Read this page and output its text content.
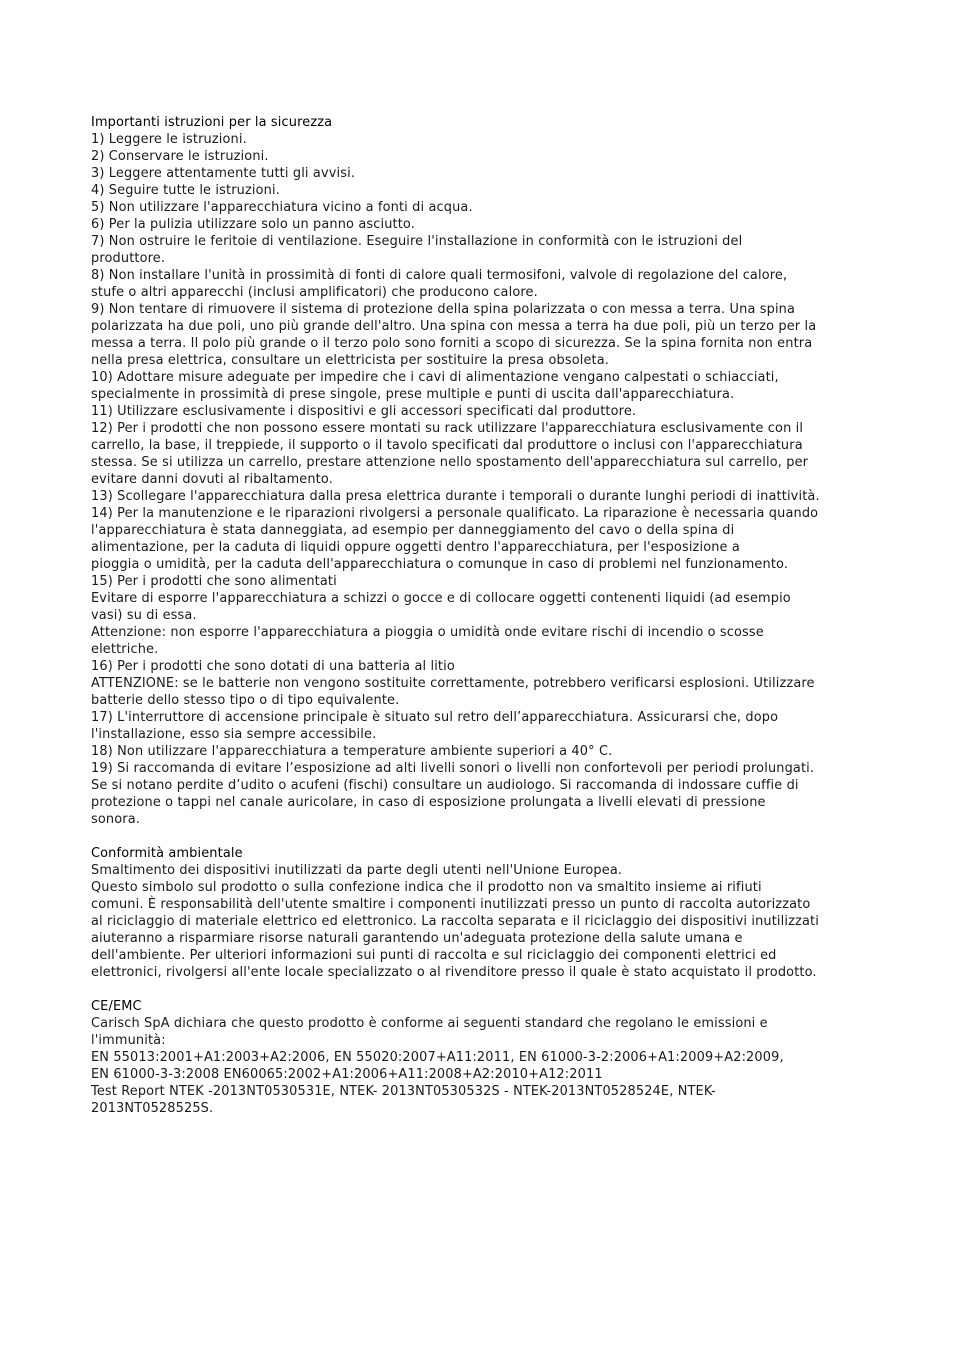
Importanti istruzioni per la sicurezza
1) Leggere le istruzioni.
2) Conservare le istruzioni.
3) Leggere attentamente tutti gli avvisi.
4) Seguire tutte le istruzioni.
5) Non utilizzare l'apparecchiatura vicino a fonti di acqua.
6) Per la pulizia utilizzare solo un panno asciutto.
7) Non ostruire le feritoie di ventilazione. Eseguire l'installazione in conformità con le istruzioni del
produttore.
8) Non installare l'unità in prossimità di fonti di calore quali termosifoni, valvole di regolazione del calore,
stufe o altri apparecchi (inclusi amplificatori) che producono calore.
9) Non tentare di rimuovere il sistema di protezione della spina polarizzata o con messa a terra. Una spina
polarizzata ha due poli, uno più grande dell'altro. Una spina con messa a terra ha due poli, più un terzo per la
messa a terra. Il polo più grande o il terzo polo sono forniti a scopo di sicurezza. Se la spina fornita non entra
nella presa elettrica, consultare un elettricista per sostituire la presa obsoleta.
10) Adottare misure adeguate per impedire che i cavi di alimentazione vengano calpestati o schiacciati,
specialmente in prossimità di prese singole, prese multiple e punti di uscita dall'apparecchiatura.
11) Utilizzare esclusivamente i dispositivi e gli accessori specificati dal produttore.
12) Per i prodotti che non possono essere montati su rack utilizzare l'apparecchiatura esclusivamente con il
carrello, la base, il treppiede, il supporto o il tavolo specificati dal produttore o inclusi con l'apparecchiatura
stessa. Se si utilizza un carrello, prestare attenzione nello spostamento dell'apparecchiatura sul carrello, per
evitare danni dovuti al ribaltamento.
13) Scollegare l'apparecchiatura dalla presa elettrica durante i temporali o durante lunghi periodi di inattività.
14) Per la manutenzione e le riparazioni rivolgersi a personale qualificato. La riparazione è necessaria quando
l'apparecchiatura è stata danneggiata, ad esempio per danneggiamento del cavo o della spina di
alimentazione, per la caduta di liquidi oppure oggetti dentro l'apparecchiatura, per l'esposizione a
pioggia o umidità, per la caduta dell'apparecchiatura o comunque in caso di problemi nel funzionamento.
15) Per i prodotti che sono alimentati
Evitare di esporre l'apparecchiatura a schizzi o gocce e di collocare oggetti contenenti liquidi (ad esempio
vasi) su di essa.
Attenzione: non esporre l'apparecchiatura a pioggia o umidità onde evitare rischi di incendio o scosse
elettriche.
16) Per i prodotti che sono dotati di una batteria al litio
ATTENZIONE: se le batterie non vengono sostituite correttamente, potrebbero verificarsi esplosioni. Utilizzare
batterie dello stesso tipo o di tipo equivalente.
17) L'interruttore di accensione principale è situato sul retro dell’apparecchiatura. Assicurarsi che, dopo
l'installazione, esso sia sempre accessibile.
18) Non utilizzare l'apparecchiatura a temperature ambiente superiori a 40° C.
19) Si raccomanda di evitare l’esposizione ad alti livelli sonori o livelli non confortevoli per periodi prolungati.
Se si notano perdite d’udito o acufeni (fischi) consultare un audiologo. Si raccomanda di indossare cuffie di
protezione o tappi nel canale auricolare, in caso di esposizione prolungata a livelli elevati di pressione
sonora.
Conformità ambientale
Smaltimento dei dispositivi inutilizzati da parte degli utenti nell'Unione Europea.
Questo simbolo sul prodotto o sulla confezione indica che il prodotto non va smaltito insieme ai rifiuti
comuni. È responsabilità dell'utente smaltire i componenti inutilizzati presso un punto di raccolta autorizzato
al riciclaggio di materiale elettrico ed elettronico. La raccolta separata e il riciclaggio dei dispositivi inutilizzati
aiuteranno a risparmiare risorse naturali garantendo un'adeguata protezione della salute umana e
dell'ambiente. Per ulteriori informazioni sui punti di raccolta e sul riciclaggio dei componenti elettrici ed
elettronici, rivolgersi all'ente locale specializzato o al rivenditore presso il quale è stato acquistato il prodotto.
CE/EMC
Carisch SpA dichiara che questo prodotto è conforme ai seguenti standard che regolano le emissioni e
l'immunità:
EN 55013:2001+A1:2003+A2:2006, EN 55020:2007+A11:2011, EN 61000-3-2:2006+A1:2009+A2:2009,
EN 61000-3-3:2008 EN60065:2002+A1:2006+A11:2008+A2:2010+A12:2011
Test Report NTEK -2013NT0530531E, NTEK- 2013NT0530532S - NTEK-2013NT0528524E, NTEK-
2013NT0528525S.
